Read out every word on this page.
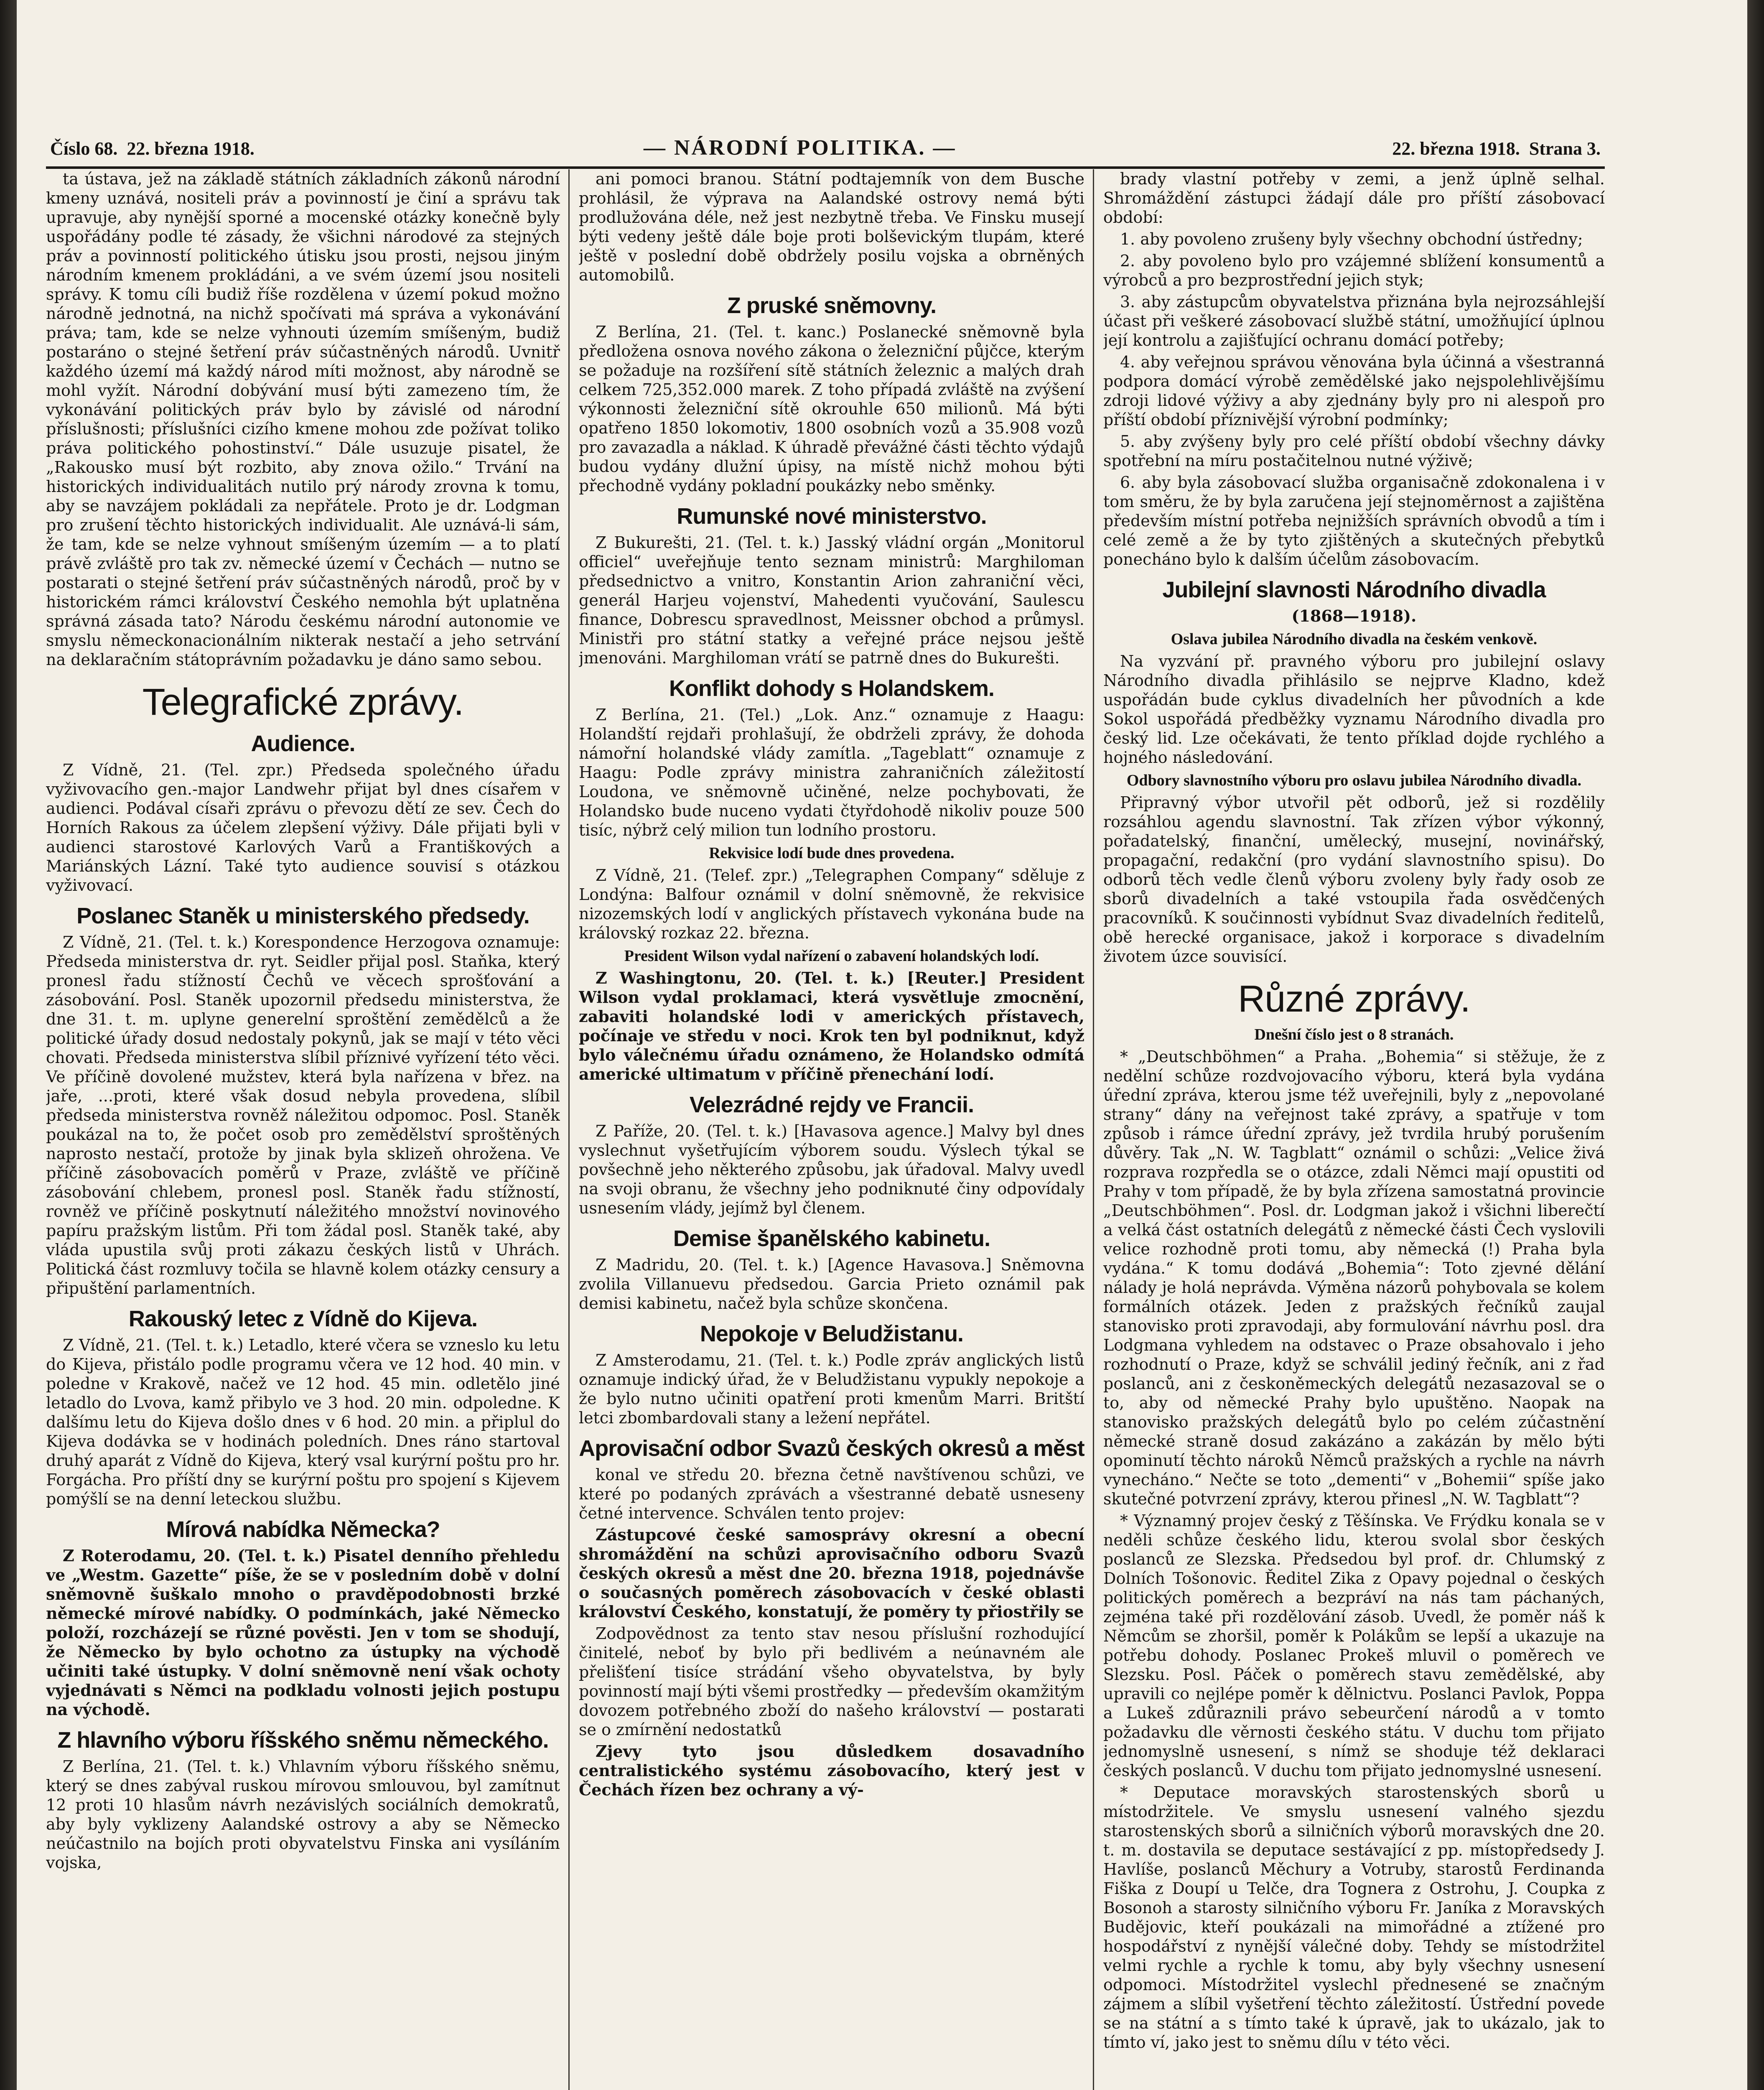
Číslo 68. 22. března 1918.	— NÁRODNÍ POLITIKA. —	22. března 1918. Strana 3.

ta ústava, jež na základě státních základních zákonů národní kmeny uznává, nositeli práv a povinností je činí a správu tak upravuje, aby nynější sporné a mocenské otázky konečně byly uspořádány podle té zásady, že všichni národové za stejných práv a povinností politického útisku jsou prosti, nejsou jiným národním kmenem prokládáni, a ve svém území jsou nositeli správy. K tomu cíli budiž říše rozdělena v území pokud možno národně jednotná, na nichž spočívati má správa a vykonávání práva; tam, kde se nelze vyhnouti územím smíšeným, budiž postaráno o stejné šetření práv súčastněných národů. Uvnitř každého území má každý národ míti možnost, aby národně se mohl vyžít. Národní dobývání musí býti zamezeno tím, že vykonávání politických práv bylo by závislé od národní příslušnosti; příslušníci cizího kmene mohou zde požívat toliko práva politického pohostinství.“ Dále usuzuje pisatel, že „Rakousko musí být rozbito, aby znova ožilo.“ Trvání na historických individualitách nutilo prý národy zrovna k tomu, aby se navzájem pokládali za nepřátele. Proto je dr. Lodgman pro zrušení těchto historických individualit. Ale uznává-li sám, že tam, kde se nelze vyhnout smíšeným územím — a to platí právě zvláště pro tak zv. německé území v Čechách — nutno se postarati o stejné šetření práv súčastněných národů, proč by v historickém rámci království Českého nemohla být uplatněna správná zásada tato? Národu českému národní autonomie ve smyslu německonacionálním nikterak nestačí a jeho setrvání na deklaračním státoprávním požadavku je dáno samo sebou.

Telegrafické zprávy.
Audience.

Z Vídně, 21. (Tel. zpr.) Předseda společného úřadu vyživovacího gen.-major Landwehr přijat byl dnes císařem v audienci. Podával císaři zprávu o převozu dětí ze sev. Čech do Horních Rakous za účelem zlepšení výživy. Dále přijati byli v audienci starostové Karlových Varů a Františkových a Mariánských Lázní. Také tyto audience souvisí s otázkou vyživovací.

Poslanec Staněk u ministerského předsedy.

Z Vídně, 21. (Tel. t. k.) Korespondence Herzogova oznamuje: Předseda ministerstva dr. ryt. Seidler přijal posl. Staňka, který pronesl řadu stížností Čechů ve věcech sprošťování a zásobování. Posl. Staněk upozornil předsedu ministerstva, že dne 31. t. m. uplyne generelní sproštění zemědělců a že politické úřady dosud nedostaly pokynů, jak se mají v této věci chovati. Předseda ministerstva slíbil příznivé vyřízení této věci. Ve příčině dovolené mužstev, která byla nařízena v břez. na jaře, ...proti, které však dosud nebyla provedena, slíbil předseda ministerstva rovněž náležitou odpomoc. Posl. Staněk poukázal na to, že počet osob pro zemědělství sproštěných naprosto nestačí, protože by jinak byla sklizeň ohrožena. Ve příčině zásobovacích poměrů v Praze, zvláště ve příčině zásobování chlebem, pronesl posl. Staněk řadu stížností, rovněž ve příčině poskytnutí náležitého množství novinového papíru pražským listům. Při tom žádal posl. Staněk také, aby vláda upustila svůj proti zákazu českých listů v Uhrách. Politická část rozmluvy točila se hlavně kolem otázky censury a připuštění parlamentních.

Rakouský letec z Vídně do Kijeva.

Z Vídně, 21. (Tel. t. k.) Letadlo, které včera se vzneslo ku letu do Kijeva, přistálo podle programu včera ve 12 hod. 40 min. v poledne v Krakově, načež ve 12 hod. 45 min. odletělo jiné letadlo do Lvova, kamž přibylo ve 3 hod. 20 min. odpoledne. K dalšímu letu do Kijeva došlo dnes v 6 hod. 20 min. a připlul do Kijeva dodávka se v hodinách poledních. Dnes ráno startoval druhý aparát z Vídně do Kijeva, který vsal kurýrní poštu pro hr. Forgácha. Pro příští dny se kurýrní poštu pro spojení s Kijevem pomýšlí se na denní leteckou službu.

Mírová nabídka Německa?

Z Roterodamu, 20. (Tel. t. k.) Pisatel denního přehledu ve „Westm. Gazette“ píše, že se v posledním době v dolní sněmovně šuškalo mnoho o pravděpodobnosti brzké německé mírové nabídky. O podmínkách, jaké Německo položí, rozcházejí se různé pověsti. Jen v tom se shodují, že Německo by bylo ochotno za ústupky na východě učiniti také ústupky. V dolní sněmovně není však ochoty vyjednávati s Němci na podkladu volnosti jejich postupu na východě.

Z hlavního výboru říšského sněmu německého.

Z Berlína, 21. (Tel. t. k.) Vhlavním výboru říšského sněmu, který se dnes zabýval ruskou mírovou smlouvou, byl zamítnut 12 proti 10 hlasům návrh nezávislých sociálních demokratů, aby byly vyklizeny Aalandské ostrovy a aby se Německo neúčastnilo na bojích proti obyvatelstvu Finska ani vysíláním vojska,

ani pomoci branou. Státní podtajemník von dem Busche prohlásil, že výprava na Aalandské ostrovy nemá býti prodlužována déle, než jest nezbytně třeba. Ve Finsku musejí býti vedeny ještě dále boje proti bolševickým tlupám, které ještě v poslední době obdržely posilu vojska a obrněných automobilů.

Z pruské sněmovny.

Z Berlína, 21. (Tel. t. kanc.) Poslanecké sněmovně byla předložena osnova nového zákona o železniční půjčce, kterým se požaduje na rozšíření sítě státních železnic a malých drah celkem 725,352.000 marek. Z toho případá zvláště na zvýšení výkonnosti železniční sítě okrouhle 650 milionů. Má býti opatřeno 1850 lokomotiv, 1800 osobních vozů a 35.908 vozů pro zavazadla a náklad. K úhradě převážné části těchto výdajů budou vydány dlužní úpisy, na místě nichž mohou býti přechodně vydány pokladní poukázky nebo směnky.

Rumunské nové ministerstvo.

Z Bukurešti, 21. (Tel. t. k.) Jasský vládní orgán „Monitorul officiel“ uveřejňuje tento seznam ministrů: Marghiloman předsednictvo a vnitro, Konstantin Arion zahraniční věci, generál Harjeu vojenství, Mahedenti vyučování, Saulescu finance, Dobrescu spravedlnost, Meissner obchod a průmysl. Ministři pro státní statky a veřejné práce nejsou ještě jmenováni. Marghiloman vrátí se patrně dnes do Bukurešti.

Konflikt dohody s Holandskem.

Z Berlína, 21. (Tel.) „Lok. Anz.“ oznamuje z Haagu: Holandští rejdaři prohlašují, že obdrželi zprávy, že dohoda námořní holandské vlády zamítla. „Tageblatt“ oznamuje z Haagu: Podle zprávy ministra zahraničních záležitostí Loudona, ve sněmovně učiněné, nelze pochybovati, že Holandsko bude nuceno vydati čtyřdohodě nikoliv pouze 500 tisíc, nýbrž celý milion tun lodního prostoru.

Rekvisice lodí bude dnes provedena.

Z Vídně, 21. (Telef. zpr.) „Telegraphen Company“ sděluje z Londýna: Balfour oznámil v dolní sněmovně, že rekvisice nizozemských lodí v anglických přístavech vykonána bude na královský rozkaz 22. března.

President Wilson vydal nařízení o zabavení holandských lodí.

Z Washingtonu, 20. (Tel. t. k.) [Reuter.] President Wilson vydal proklamaci, která vysvětluje zmocnění, zabaviti holandské lodi v amerických přístavech, počínaje ve středu v noci. Krok ten byl podniknut, když bylo válečnému úřadu oznámeno, že Holandsko odmítá americké ultimatum v příčině přenechání lodí.

Velezrádné rejdy ve Francii.

Z Paříže, 20. (Tel. t. k.) [Havasova agence.] Malvy byl dnes vyslechnut vyšetřujícím výborem soudu. Výslech týkal se povšechně jeho některého způsobu, jak úřadoval. Malvy uvedl na svoji obranu, že všechny jeho podniknuté činy odpovídaly usnesením vlády, jejímž byl členem.

Demise španělského kabinetu.

Z Madridu, 20. (Tel. t. k.) [Agence Havasova.] Sněmovna zvolila Villanuevu předsedou. Garcia Prieto oznámil pak demisi kabinetu, načež byla schůze skončena.

Nepokoje v Beludžistanu.

Z Amsterodamu, 21. (Tel. t. k.) Podle zpráv anglických listů oznamuje indický úřad, že v Beludžistanu vypukly nepokoje a že bylo nutno učiniti opatření proti kmenům Marri. Britští letci zbombardovali stany a ležení nepřátel.

Aprovisační odbor Svazů českých okresů a měst

konal ve středu 20. března četně navštívenou schůzi, ve které po podaných zprávách a všestranné debatě usneseny četné intervence. Schválen tento projev:

Zástupcové české samosprávy okresní a obecní shromáždění na schůzi aprovisačního odboru Svazů českých okresů a měst dne 20. března 1918, pojednávše o současných poměrech zásobovacích v české oblasti království Českého, konstatují, že poměry ty přiostřily se

Zodpovědnost za tento stav nesou příslušní rozhodující činitelé, neboť by bylo při bedlivém a neúnavném ale přelišťení tisíce strádání všeho obyvatelstva, by byly povinností mají býti všemi prostředky — především okamžitým dovozem potřebného zboží do našeho království — postarati se o zmírnění nedostatků

Zjevy tyto jsou důsledkem dosavadního centralistického systému zásobovacího, který jest v Čechách řízen bez ochrany a vý-

brady vlastní potřeby v zemi, a jenž úplně selhal. Shromáždění zástupci žádají dále pro příští zásobovací období:

1. aby povoleno zrušeny byly všechny obchodní ústředny;

2. aby povoleno bylo pro vzájemné sblížení konsumentů a výrobců a pro bezprostřední jejich styk;

3. aby zástupcům obyvatelstva přiznána byla nejrozsáhlejší účast při veškeré zásobovací službě státní, umožňující úplnou její kontrolu a zajišťující ochranu domácí potřeby;

4. aby veřejnou správou věnována byla účinná a všestranná podpora domácí výrobě zemědělské jako nejspolehlivějšímu zdroji lidové výživy a aby zjednány byly pro ni alespoň pro příští období příznivější výrobní podmínky;

5. aby zvýšeny byly pro celé příští období všechny dávky spotřební na míru postačitelnou nutné výživě;

6. aby byla zásobovací služba organisačně zdokonalena i v tom směru, že by byla zaručena její stejnoměrnost a zajištěna především místní potřeba nejnižších správních obvodů a tím i celé země a že by tyto zjištěných a skutečných přebytků ponecháno bylo k dalším účelům zásobovacím.

Jubilejní slavnosti Národního divadla
(1868—1918).
Oslava jubilea Národního divadla na českém venkově.

Na vyzvání př. pravného výboru pro jubilejní oslavy Národního divadla přihlásilo se nejprve Kladno, kdež uspořádán bude cyklus divadelních her původních a kde Sokol uspořádá předběžky vyznamu Národního divadla pro český lid. Lze očekávati, že tento příklad dojde rychlého a hojného následování.

Odbory slavnostního výboru pro oslavu jubilea Národního divadla.

Připravný výbor utvořil pět odborů, jež si rozdělily rozsáhlou agendu slavnostní. Tak zřízen výbor výkonný, pořadatelský, finanční, umělecký, musejní, novinářský, propagační, redakční (pro vydání slavnostního spisu). Do odborů těch vedle členů výboru zvoleny byly řady osob ze sborů divadelních a také vstoupila řada osvědčených pracovníků. K součinnosti vybídnut Svaz divadelních ředitelů, obě herecké organisace, jakož i korporace s divadelním životem úzce souvisící.

Různé zprávy.
Dnešní číslo jest o 8 stranách.

* „Deutschböhmen“ a Praha. „Bohemia“ si stěžuje, že z nedělní schůze rozdvojovacího výboru, která byla vydána úřední zpráva, kterou jsme též uveřejnili, byly z „nepovolané strany“ dány na veřejnost také zprávy, a spatřuje v tom způsob i rámce úřední zprávy, jež tvrdila hrubý porušením důvěry. Tak „N. W. Tagblatt“ oznámil o schůzi: „Velice živá rozprava rozpředla se o otázce, zdali Němci mají opustiti od Prahy v tom případě, že by byla zřízena samostatná provincie „Deutschböhmen“. Posl. dr. Lodgman jakož i všichni liberečtí a velká část ostatních delegátů z německé části Čech vyslovili velice rozhodně proti tomu, aby německá (!) Praha byla vydána.“ K tomu dodává „Bohemia“: Toto zjevné dělání nálady je holá neprávda. Výměna názorů pohybovala se kolem formálních otázek. Jeden z pražských řečníků zaujal stanovisko proti zpravodaji, aby formulování návrhu posl. dra Lodgmana vyhledem na odstavec o Praze obsahovalo i jeho rozhodnutí o Praze, když se schválil jediný řečník, ani z řad poslanců, ani z českoněmeckých delegátů nezasazoval se o to, aby od německé Prahy bylo upuštěno. Naopak na stanovisko pražských delegátů bylo po celém zúčastnění německé straně dosud zakázáno a zakázán by mělo býti opominutí těchto nároků Němců pražských a rychle na návrh vynecháno.“ Nečte se toto „dementi“ v „Bohemii“ spíše jako skutečné potvrzení zprávy, kterou přinesl „N. W. Tagblatt“?

* Významný projev český z Těšínska. Ve Frýdku konala se v neděli schůze českého lidu, kterou svolal sbor českých poslanců ze Slezska. Předsedou byl prof. dr. Chlumský z Dolních Tošonovic. Ředitel Zika z Opavy pojednal o českých politických poměrech a bezpráví na nás tam páchaných, zejména také při rozdělování zásob. Uvedl, že poměr náš k Němcům se zhoršil, poměr k Polákům se lepší a ukazuje na potřebu dohody. Poslanec Prokeš mluvil o poměrech ve Slezsku. Posl. Páček o poměrech stavu zemědělské, aby upravili co nejlépe poměr k dělnictvu. Poslanci Pavlok, Poppa a Lukeš zdůraznili právo sebeurčení národů a v tomto požadavku dle věrnosti českého státu. V duchu tom přijato jednomyslně usnesení, s nímž se shoduje též deklaraci českých poslanců. V duchu tom přijato jednomyslné usnesení.

* Deputace moravských starostenských sborů u místodržitele. Ve smyslu usnesení valného sjezdu starostenských sborů a silničních výborů moravských dne 20. t. m. dostavila se deputace sestávající z pp. místopředsedy J. Havlíše, poslanců Měchury a Votruby, starostů Ferdinanda Fiška z Doupí u Telče, dra Tognera z Ostrohu, J. Coupka z Bosonoh a starosty silničního výboru Fr. Janíka z Moravských Budějovic, kteří poukázali na mimořádné a ztížené pro hospodářství z nynější válečné doby. Tehdy se místodržitel velmi rychle a rychle k tomu, aby byly všechny usnesení odpomoci. Místodržitel vyslechl přednesené se značným zájmem a slíbil vyšetření těchto záležitostí. Ústřední povede se na státní a s tímto také k úpravě, jak to ukázalo, jak to tímto ví, jako jest to sněmu dílu v této věci.
